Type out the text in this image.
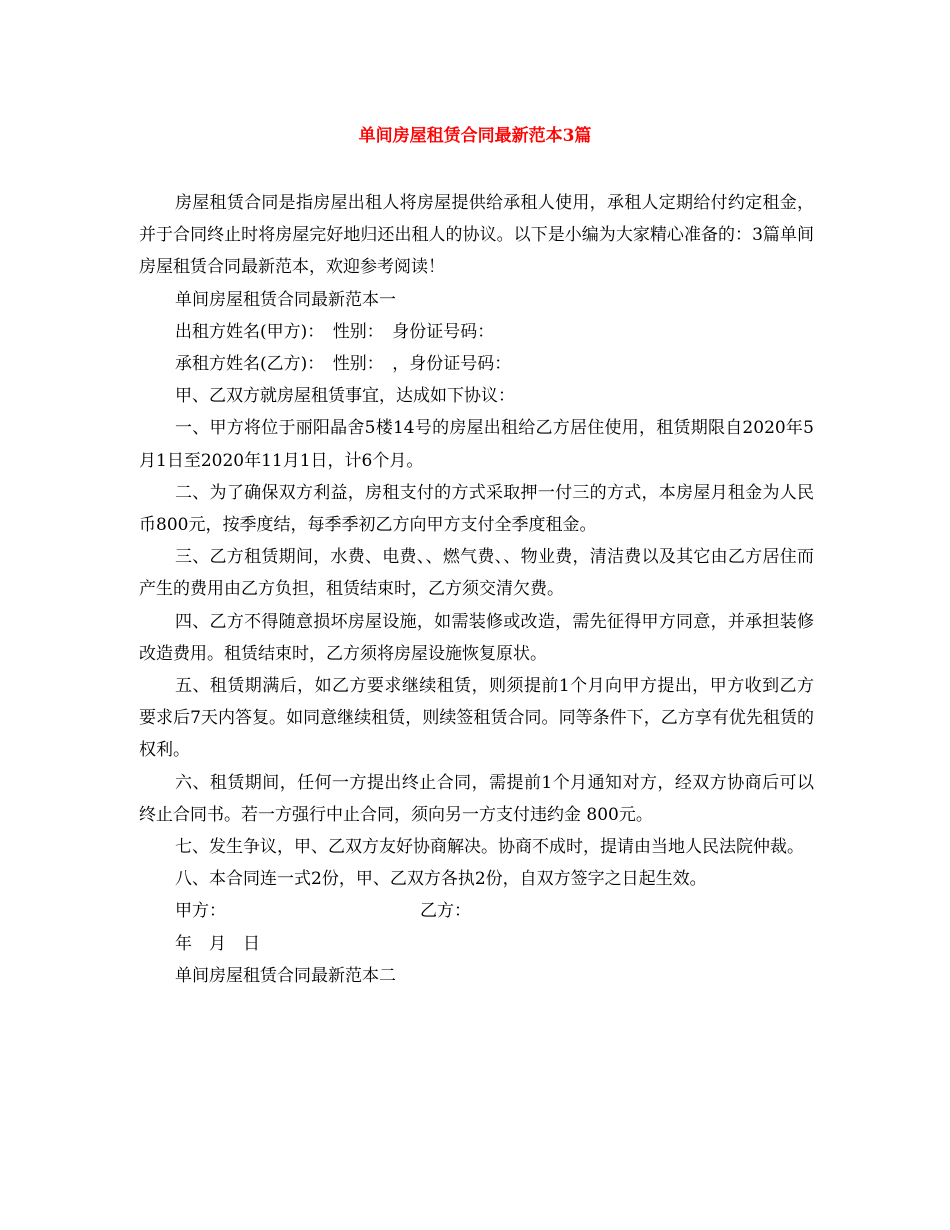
单间房屋租赁合同最新范本3篇

房屋租赁合同是指房屋出租人将房屋提供给承租人使用，承租人定期给付约定租金，并于合同终止时将房屋完好地归还出租人的协议。以下是小编为大家精心准备的：3篇单间房屋租赁合同最新范本，欢迎参考阅读！

单间房屋租赁合同最新范本一

出租方姓名(甲方)：　性别：　身份证号码：

承租方姓名(乙方)：　性别：　，身份证号码：

甲、乙双方就房屋租赁事宜，达成如下协议：

一、甲方将位于丽阳晶舍5楼14号的房屋出租给乙方居住使用，租赁期限自2020年5月1日至2020年11月1日，计6个月。

二、为了确保双方利益，房租支付的方式采取押一付三的方式，本房屋月租金为人民币800元，按季度结，每季季初乙方向甲方支付全季度租金。

三、乙方租赁期间，水费、电费、、燃气费、、物业费，清洁费以及其它由乙方居住而产生的费用由乙方负担，租赁结束时，乙方须交清欠费。

四、乙方不得随意损坏房屋设施，如需装修或改造，需先征得甲方同意，并承担装修改造费用。租赁结束时，乙方须将房屋设施恢复原状。

五、租赁期满后，如乙方要求继续租赁，则须提前1个月向甲方提出，甲方收到乙方要求后7天内答复。如同意继续租赁，则续签租赁合同。同等条件下，乙方享有优先租赁的权利。

六、租赁期间，任何一方提出终止合同，需提前1个月通知对方，经双方协商后可以终止合同书。若一方强行中止合同，须向另一方支付违约金 800元。

七、发生争议，甲、乙双方友好协商解决。协商不成时，提请由当地人民法院仲裁。

八、本合同连一式2份，甲、乙双方各执2份，自双方签字之日起生效。

甲方：	乙方：

年　月　日

单间房屋租赁合同最新范本二
